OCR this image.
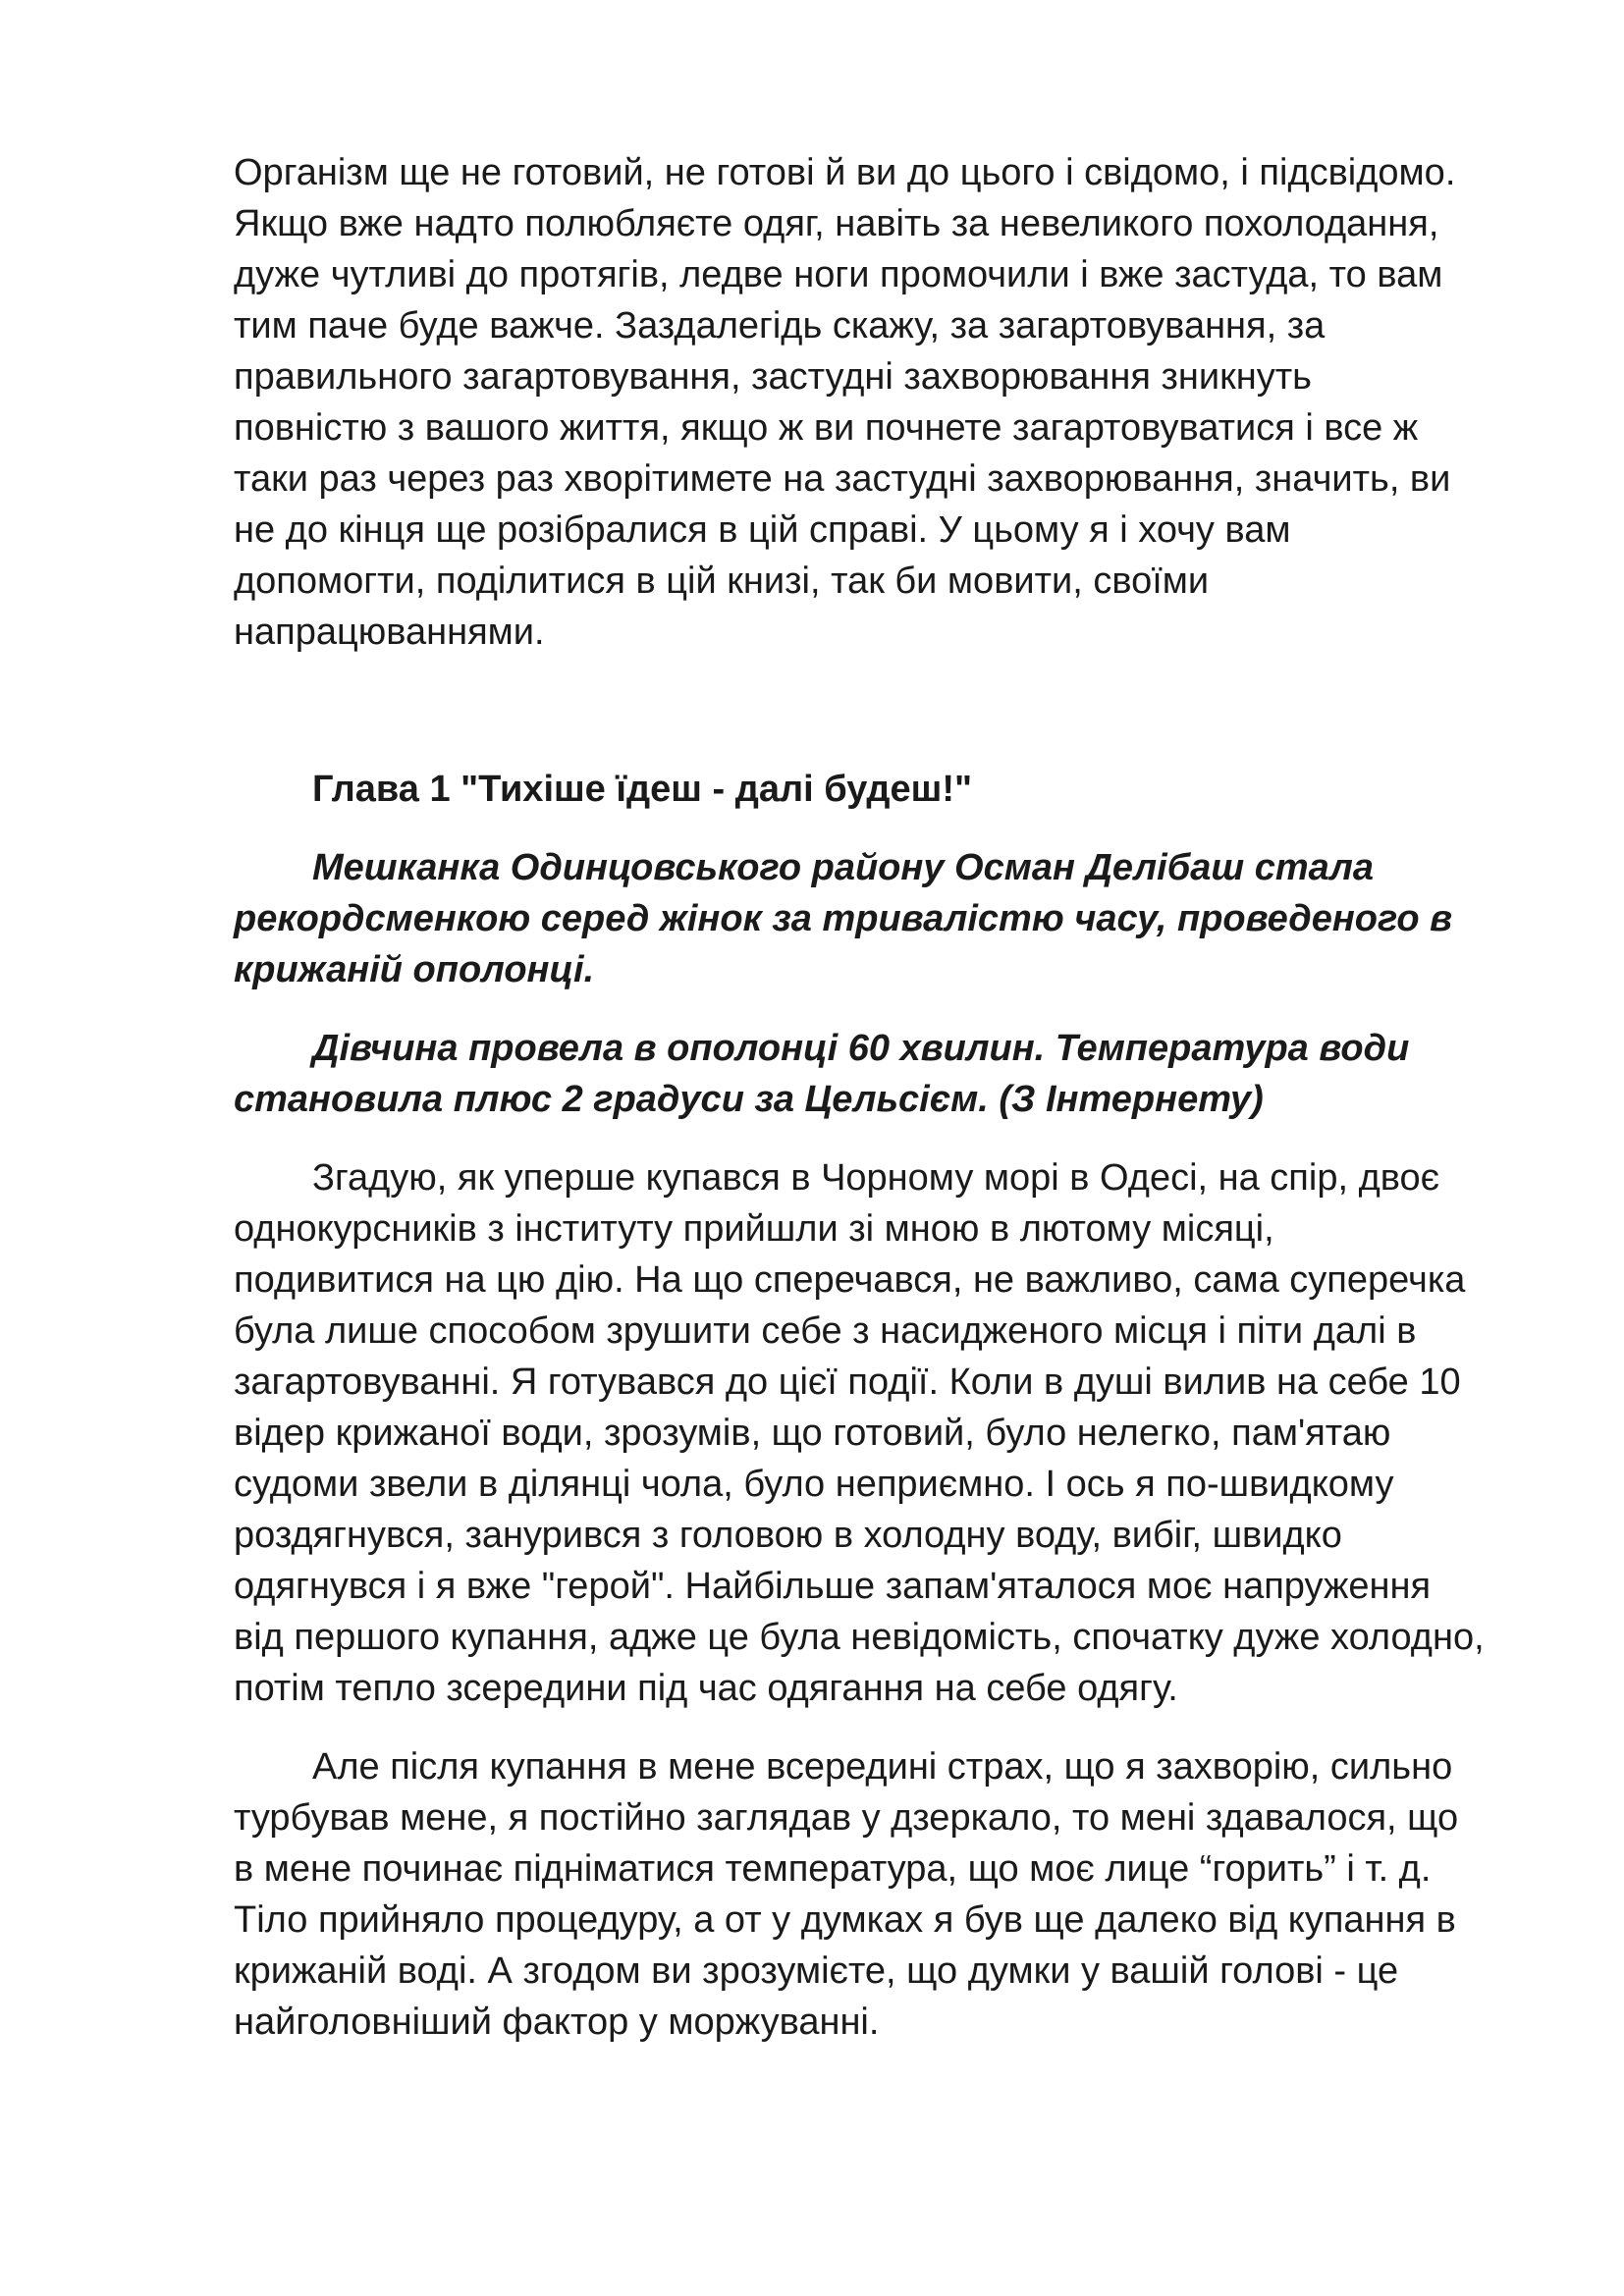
Організм ще не готовий, не готові й ви до цього і свідомо, і підсвідомо.
Якщо вже надто полюбляєте одяг, навіть за невеликого похолодання,
дуже чутливі до протягів, ледве ноги промочили і вже застуда, то вам
тим паче буде важче. Заздалегідь скажу, за загартовування, за
правильного загартовування, застудні захворювання зникнуть
повністю з вашого життя, якщо ж ви почнете загартовуватися і все ж
таки раз через раз хворітимете на застудні захворювання, значить, ви
не до кінця ще розібралися в цій справі. У цьому я і хочу вам
допомогти, поділитися в цій книзі, так би мовити, своїми
напрацюваннями.
Глава 1 "Тихіше їдеш - далі будеш!"
Мешканка Одинцовського району Осман Делібаш стала
рекордсменкою серед жінок за тривалістю часу, проведеного в
крижаній ополонці.
Дівчина провела в ополонці 60 хвилин. Температура води
становила плюс 2 градуси за Цельсієм. (З Інтернету)
Згадую, як уперше купався в Чорному морі в Одесі, на спір, двоє
однокурсників з інституту прийшли зі мною в лютому місяці,
подивитися на цю дію. На що сперечався, не важливо, сама суперечка
була лише способом зрушити себе з насидженого місця і піти далі в
загартовуванні. Я готувався до цієї події. Коли в душі вилив на себе 10
відер крижаної води, зрозумів, що готовий, було нелегко, пам'ятаю
судоми звели в ділянці чола, було неприємно. І ось я по-швидкому
роздягнувся, занурився з головою в холодну воду, вибіг, швидко
одягнувся і я вже "герой". Найбільше запам'яталося моє напруження
від першого купання, адже це була невідомість, спочатку дуже холодно,
потім тепло зсередини під час одягання на себе одягу.
Але після купання в мене всередині страх, що я захворію, сильно
турбував мене, я постійно заглядав у дзеркало, то мені здавалося, що
в мене починає підніматися температура, що моє лице “горить” і т. д.
Тіло прийняло процедуру, а от у думках я був ще далеко від купання в
крижаній воді. А згодом ви зрозумієте, що думки у вашій голові - це
найголовніший фактор у моржуванні.
